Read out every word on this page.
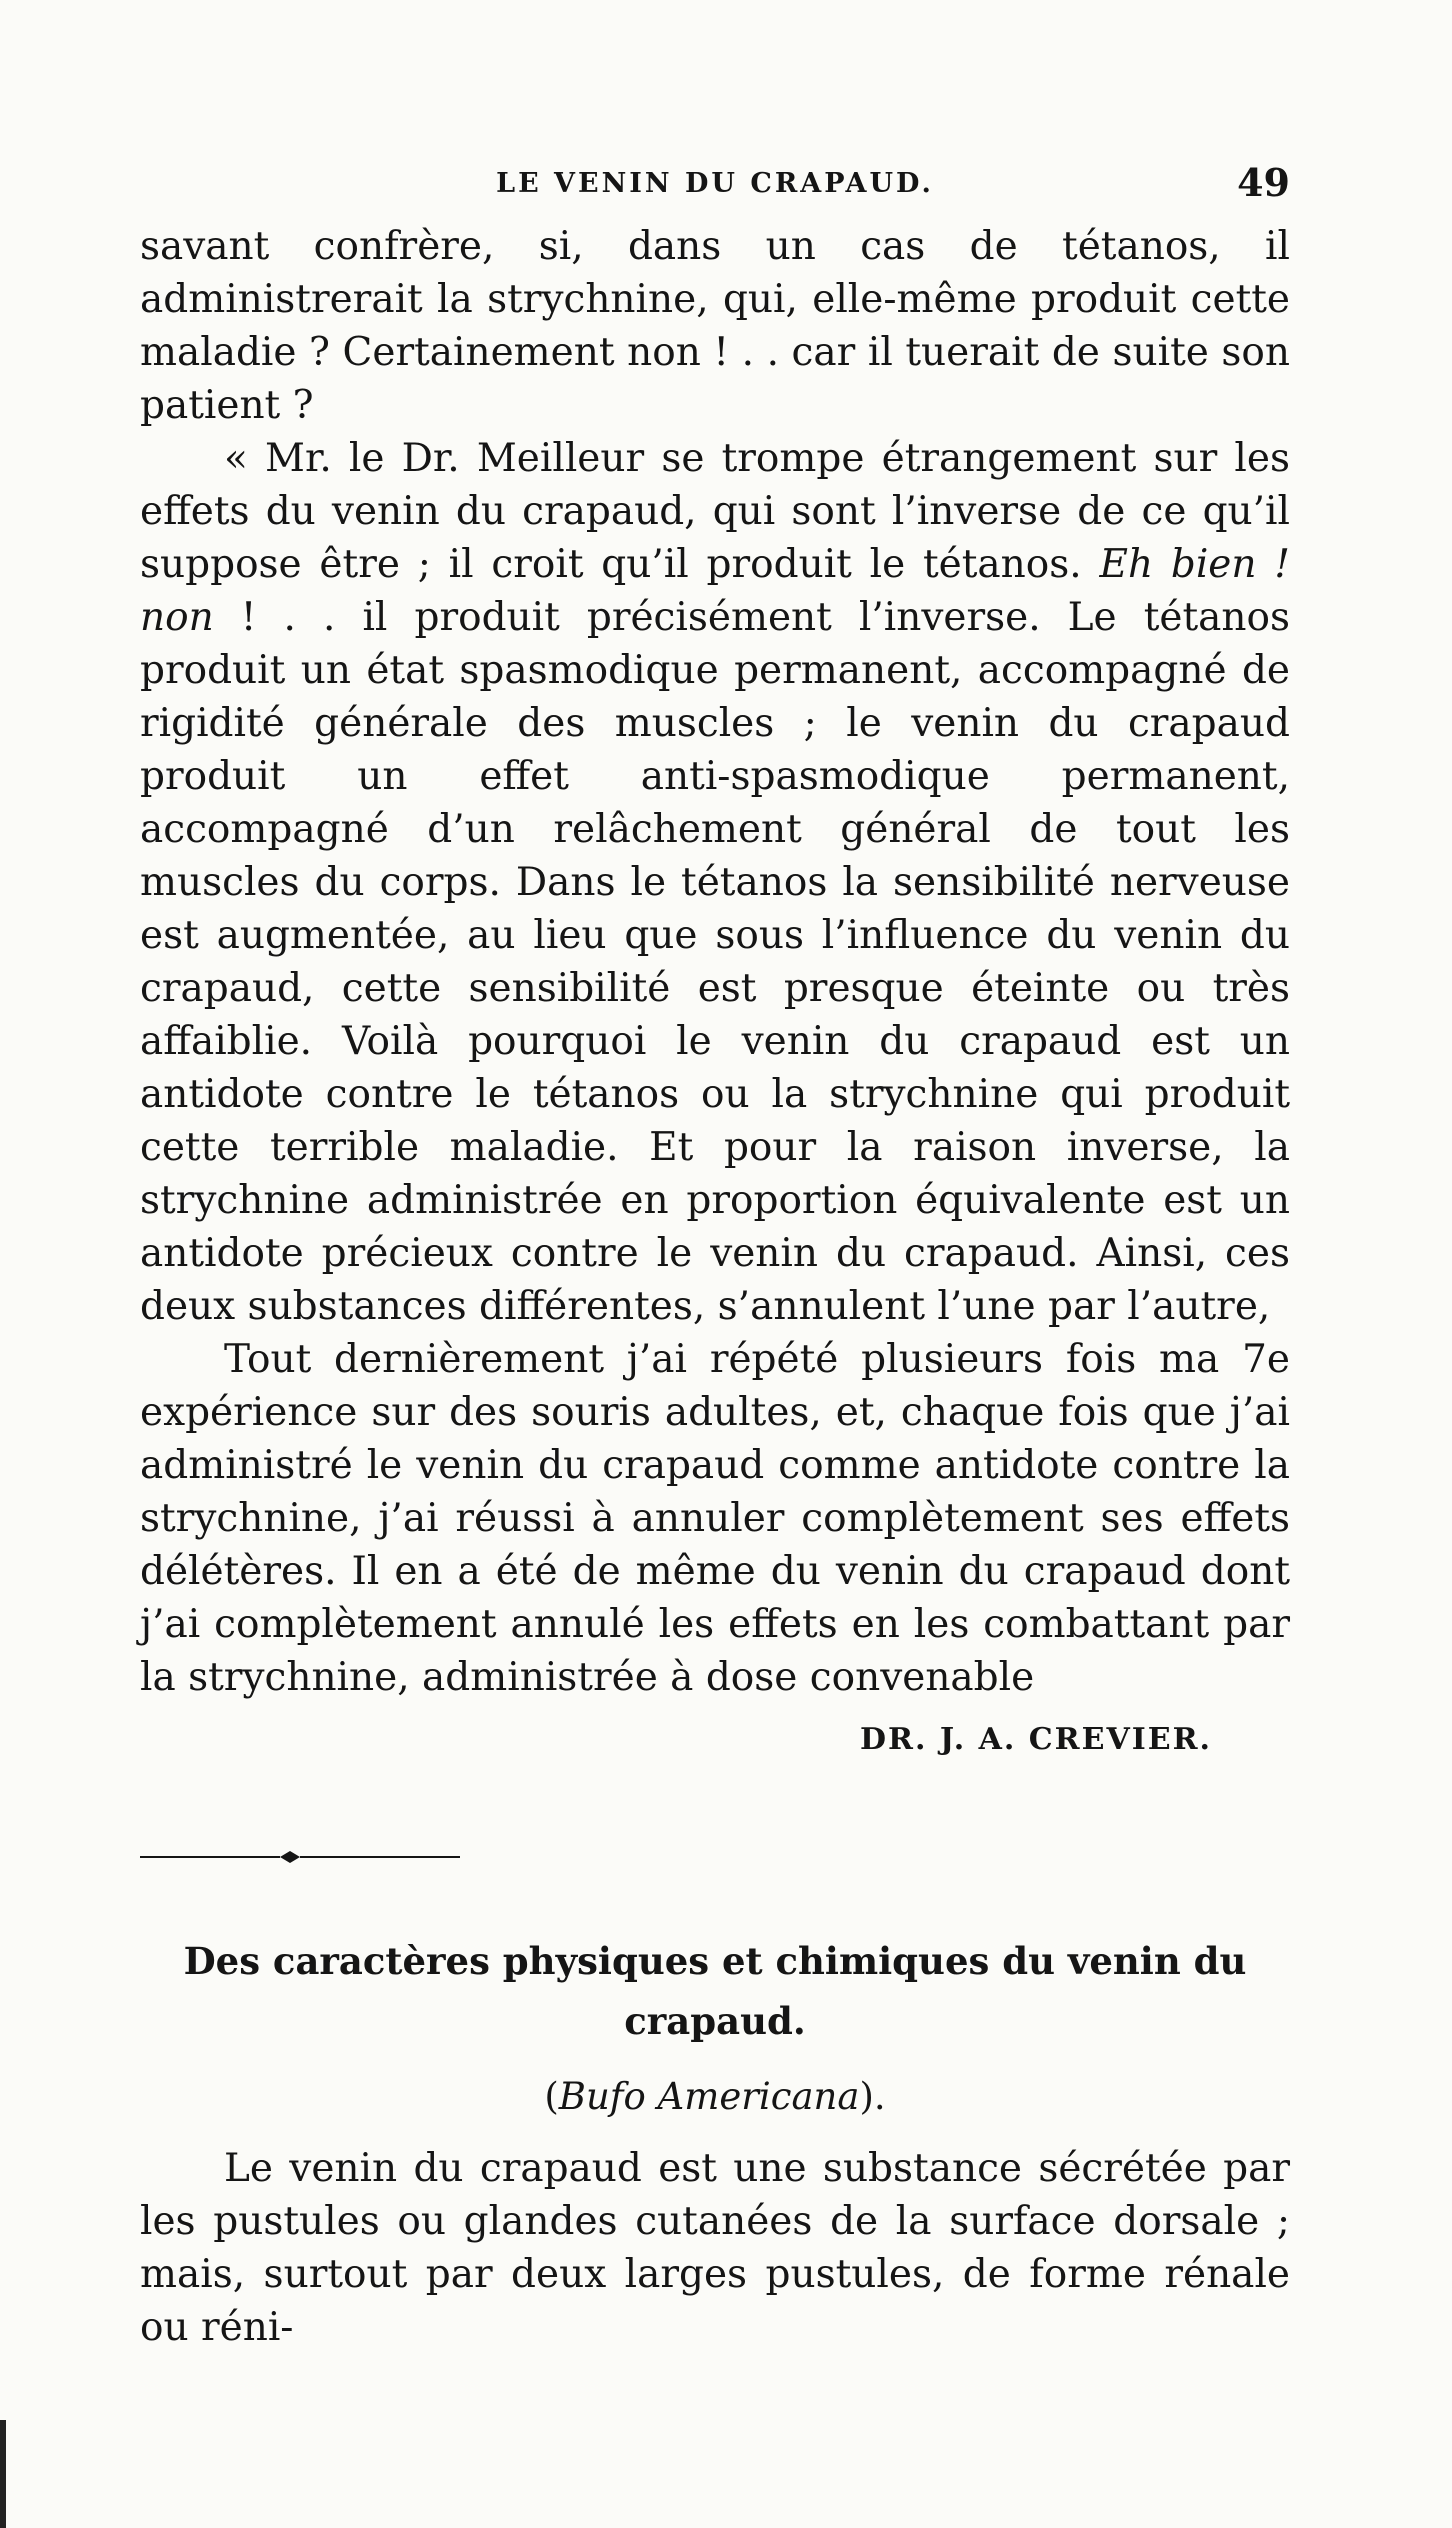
LE VENIN DU CRAPAUD.	49

savant confrère, si, dans un cas de tétanos, il administrerait la strychnine, qui, elle-même produit cette maladie ? Certainement non ! . . car il tuerait de suite son patient ?

« Mr. le Dr. Meilleur se trompe étrangement sur les effets du venin du crapaud, qui sont l’inverse de ce qu’il suppose être ; il croit qu’il produit le tétanos. Eh bien ! non ! . . il produit précisément l’inverse. Le tétanos produit un état spasmodique permanent, accompagné de rigidité générale des muscles ; le venin du crapaud produit un effet anti-spasmodique permanent, accompagné d’un relâchement général de tout les muscles du corps. Dans le tétanos la sensibilité nerveuse est augmentée, au lieu que sous l’influence du venin du crapaud, cette sensibilité est presque éteinte ou très affaiblie. Voilà pourquoi le venin du crapaud est un antidote contre le tétanos ou la strychnine qui produit cette terrible maladie. Et pour la raison inverse, la strychnine administrée en proportion équivalente est un antidote précieux contre le venin du crapaud. Ainsi, ces deux substances différentes, s’annulent l’une par l’autre,

Tout dernièrement j’ai répété plusieurs fois ma 7e expérience sur des souris adultes, et, chaque fois que j’ai administré le venin du crapaud comme antidote contre la strychnine, j’ai réussi à annuler complètement ses effets délétères. Il en a été de même du venin du crapaud dont j’ai complètement annulé les effets en les combattant par la strychnine, administrée à dose convenable

DR. J. A. CREVIER.
Des caractères physiques et chimiques du venin du
crapaud.
(Bufo Americana).

Le venin du crapaud est une substance sécrétée par les pustules ou glandes cutanées de la surface dorsale ; mais, surtout par deux larges pustules, de forme rénale ou réni-
